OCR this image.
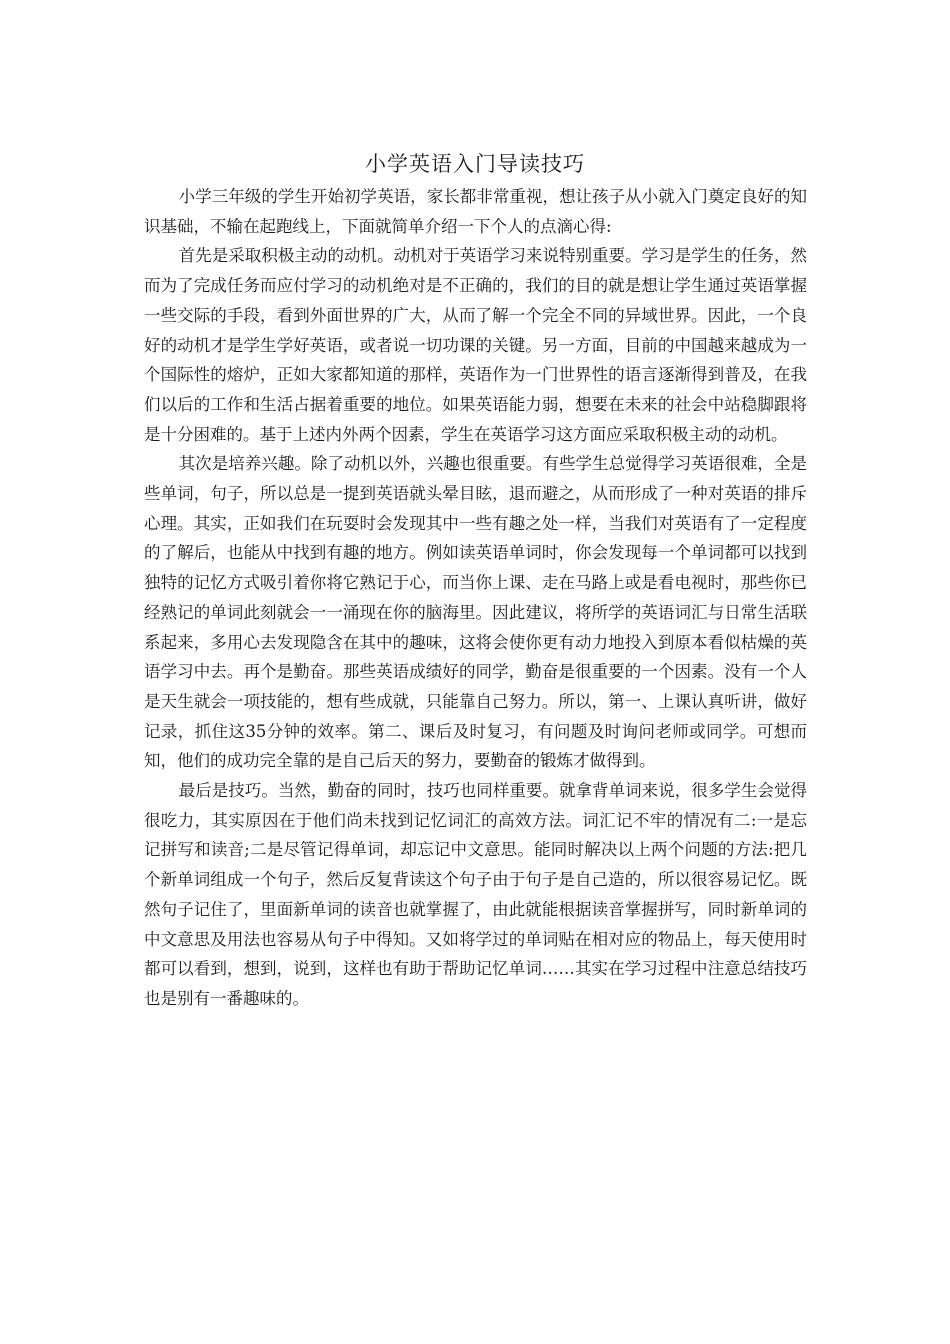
小学英语入门导读技巧

小学三年级的学生开始初学英语，家长都非常重视，想让孩子从小就入门奠定良好的知识基础，不输在起跑线上，下面就简单介绍一下个人的点滴心得:

首先是采取积极主动的动机。动机对于英语学习来说特别重要。学习是学生的任务，然而为了完成任务而应付学习的动机绝对是不正确的，我们的目的就是想让学生通过英语掌握一些交际的手段，看到外面世界的广大，从而了解一个完全不同的异域世界。因此，一个良好的动机才是学生学好英语，或者说一切功课的关键。另一方面，目前的中国越来越成为一个国际性的熔炉，正如大家都知道的那样，英语作为一门世界性的语言逐渐得到普及，在我们以后的工作和生活占据着重要的地位。如果英语能力弱，想要在未来的社会中站稳脚跟将是十分困难的。基于上述内外两个因素，学生在英语学习这方面应采取积极主动的动机。

其次是培养兴趣。除了动机以外，兴趣也很重要。有些学生总觉得学习英语很难，全是些单词，句子，所以总是一提到英语就头晕目眩，退而避之，从而形成了一种对英语的排斥心理。其实，正如我们在玩耍时会发现其中一些有趣之处一样，当我们对英语有了一定程度的了解后，也能从中找到有趣的地方。例如读英语单词时，你会发现每一个单词都可以找到独特的记忆方式吸引着你将它熟记于心，而当你上课、走在马路上或是看电视时，那些你已经熟记的单词此刻就会一一涌现在你的脑海里。因此建议，将所学的英语词汇与日常生活联系起来，多用心去发现隐含在其中的趣味，这将会使你更有动力地投入到原本看似枯燥的英语学习中去。再个是勤奋。那些英语成绩好的同学，勤奋是很重要的一个因素。没有一个人是天生就会一项技能的，想有些成就，只能靠自己努力。所以，第一、上课认真听讲，做好记录，抓住这35分钟的效率。第二、课后及时复习，有问题及时询问老师或同学。可想而知，他们的成功完全靠的是自己后天的努力，要勤奋的锻炼才做得到。

最后是技巧。当然，勤奋的同时，技巧也同样重要。就拿背单词来说，很多学生会觉得很吃力，其实原因在于他们尚未找到记忆词汇的高效方法。词汇记不牢的情况有二:一是忘记拼写和读音;二是尽管记得单词，却忘记中文意思。能同时解决以上两个问题的方法:把几个新单词组成一个句子，然后反复背读这个句子由于句子是自己造的，所以很容易记忆。既然句子记住了，里面新单词的读音也就掌握了，由此就能根据读音掌握拼写，同时新单词的中文意思及用法也容易从句子中得知。又如将学过的单词贴在相对应的物品上，每天使用时都可以看到，想到，说到，这样也有助于帮助记忆单词……其实在学习过程中注意总结技巧也是别有一番趣味的。
